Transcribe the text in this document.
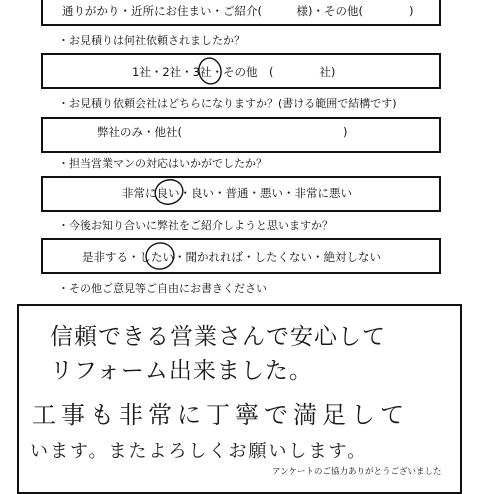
通りがかり・近所にお住まい・ご紹介(　　　様)・その他(　　　　)
・お見積りは何社依頼されましたか？
1社・2社・3社・その他　(　　　　社)
・お見積り依頼会社はどちらになりますか？(書ける範囲で結構です)
弊社のみ・他社(　　　　　　　　　　　　　　)
・担当営業マンの対応はいかがでしたか？
非常に良い・良い・普通・悪い・非常に悪い
・今後お知り合いに弊社をご紹介しようと思いますか？
是非する・したい・聞かれれば・したくない・絶対しない
・その他ご意見等ご自由にお書きください
信頼できる営業さんで安心して
リフォーム出来ました。
工事も非常に丁寧で満足して
います。またよろしくお願いします。
アンケートのご協力ありがとうございました
